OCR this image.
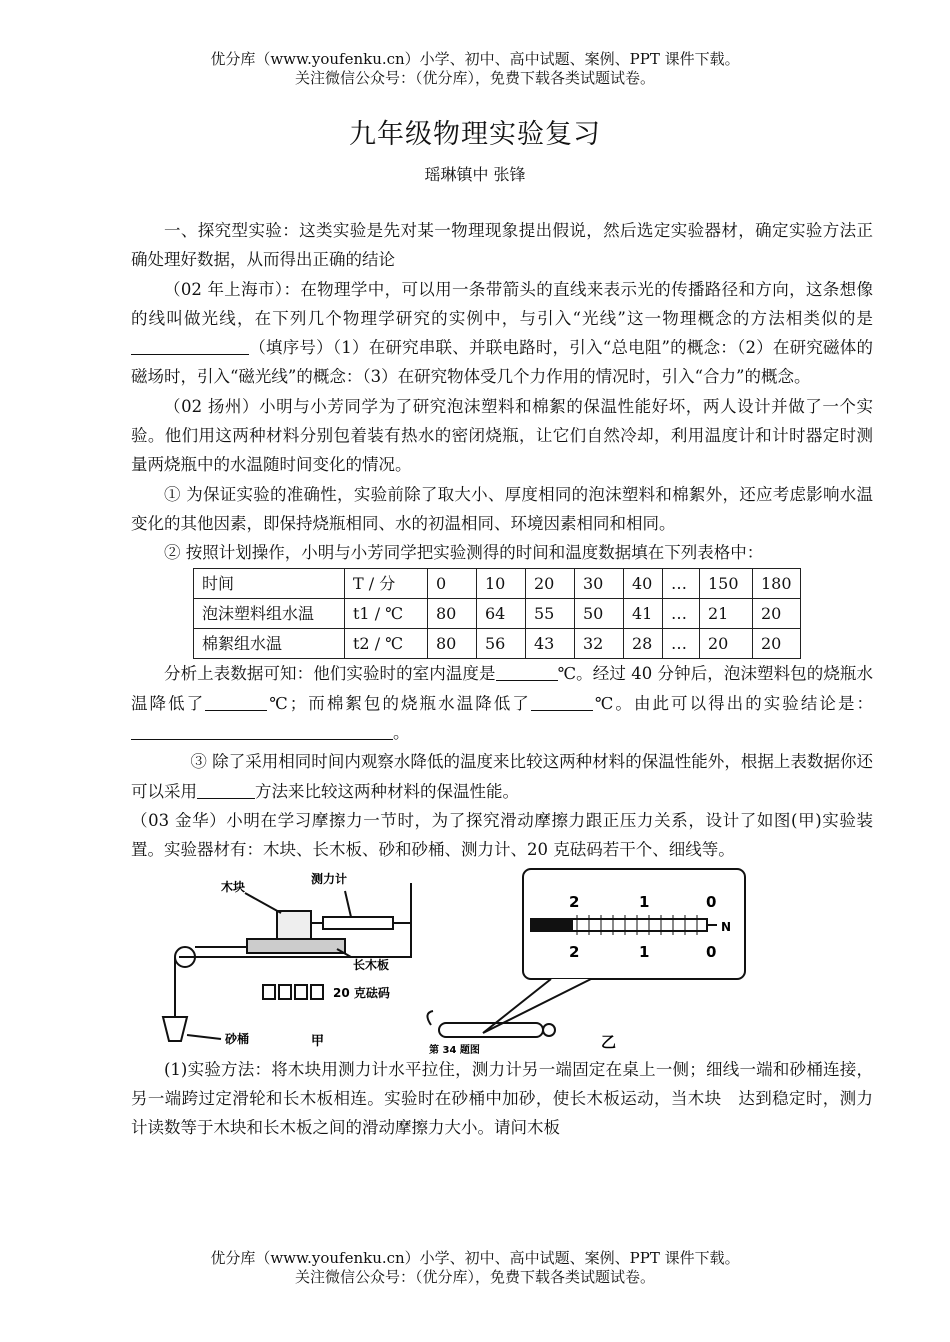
优分库（www.youfenku.cn）小学、初中、高中试题、案例、PPT 课件下载。
关注微信公众号：（优分库），免费下载各类试题试卷。
九年级物理实验复习
瑶琳镇中 张锋

一、探究型实验：这类实验是先对某一物理现象提出假说，然后选定实验器材，确定实验方法正确处理好数据，从而得出正确的结论

（02 年上海市）：在物理学中，可以用一条带箭头的直线来表示光的传播路径和方向，这条想像的线叫做光线，在下列几个物理学研究的实例中，与引入“光线”这一物理概念的方法相类似的是（填序号）（1）在研究串联、并联电路时，引入“总电阻”的概念：（2）在研究磁体的磁场时，引入“磁光线”的概念：（3）在研究物体受几个力作用的情况时，引入“合力”的概念。

（02 扬州）小明与小芳同学为了研究泡沫塑料和棉絮的保温性能好坏，两人设计并做了一个实验。他们用这两种材料分别包着装有热水的密闭烧瓶，让它们自然冷却，利用温度计和计时器定时测量两烧瓶中的水温随时间变化的情况。

① 为保证实验的准确性，实验前除了取大小、厚度相同的泡沫塑料和棉絮外，还应考虑影响水温变化的其他因素，即保持烧瓶相同、水的初温相同、环境因素相同和相同。

② 按照计划操作，小明与小芳同学把实验测得的时间和温度数据填在下列表格中：

时间	T / 分	0	10	20	30	40	…	150	180
泡沫塑料组水温	t1 / ℃	80	64	55	50	41	…	21	20
棉絮组水温	t2 / ℃	80	56	43	32	28	…	20	20

分析上表数据可知：他们实验时的室内温度是	℃。经过 40 分钟后，泡沫塑料包的烧瓶水温降低了	℃；而棉絮包的烧瓶水温降低了	℃。由此可以得出的实验结论是：。

③ 除了采用相同时间内观察水降低的温度来比较这两种材料的保温性能外，根据上表数据你还可以采用	方法来比较这两种材料的保温性能。

（03 金华）小明在学习摩擦力一节时，为了探究滑动摩擦力跟正压力关系，设计了如图(甲)实验装置。实验器材有：木块、长木板、砂和砂桶、测力计、20 克砝码若干个、细线等。

2	1	0
2	1	0
N
木块
测力计
长木板
20 克砝码
砂桶	甲	乙
第 34 题图

(1)实验方法：将木块用测力计水平拉住，测力计另一端固定在桌上一侧；细线一端和砂桶连接，另一端跨过定滑轮和长木板相连。实验时在砂桶中加砂，使长木板运动，当木块　达到稳定时，测力计读数等于木块和长木板之间的滑动摩擦力大小。请问木板

优分库（www.youfenku.cn）小学、初中、高中试题、案例、PPT 课件下载。
关注微信公众号：（优分库），免费下载各类试题试卷。
